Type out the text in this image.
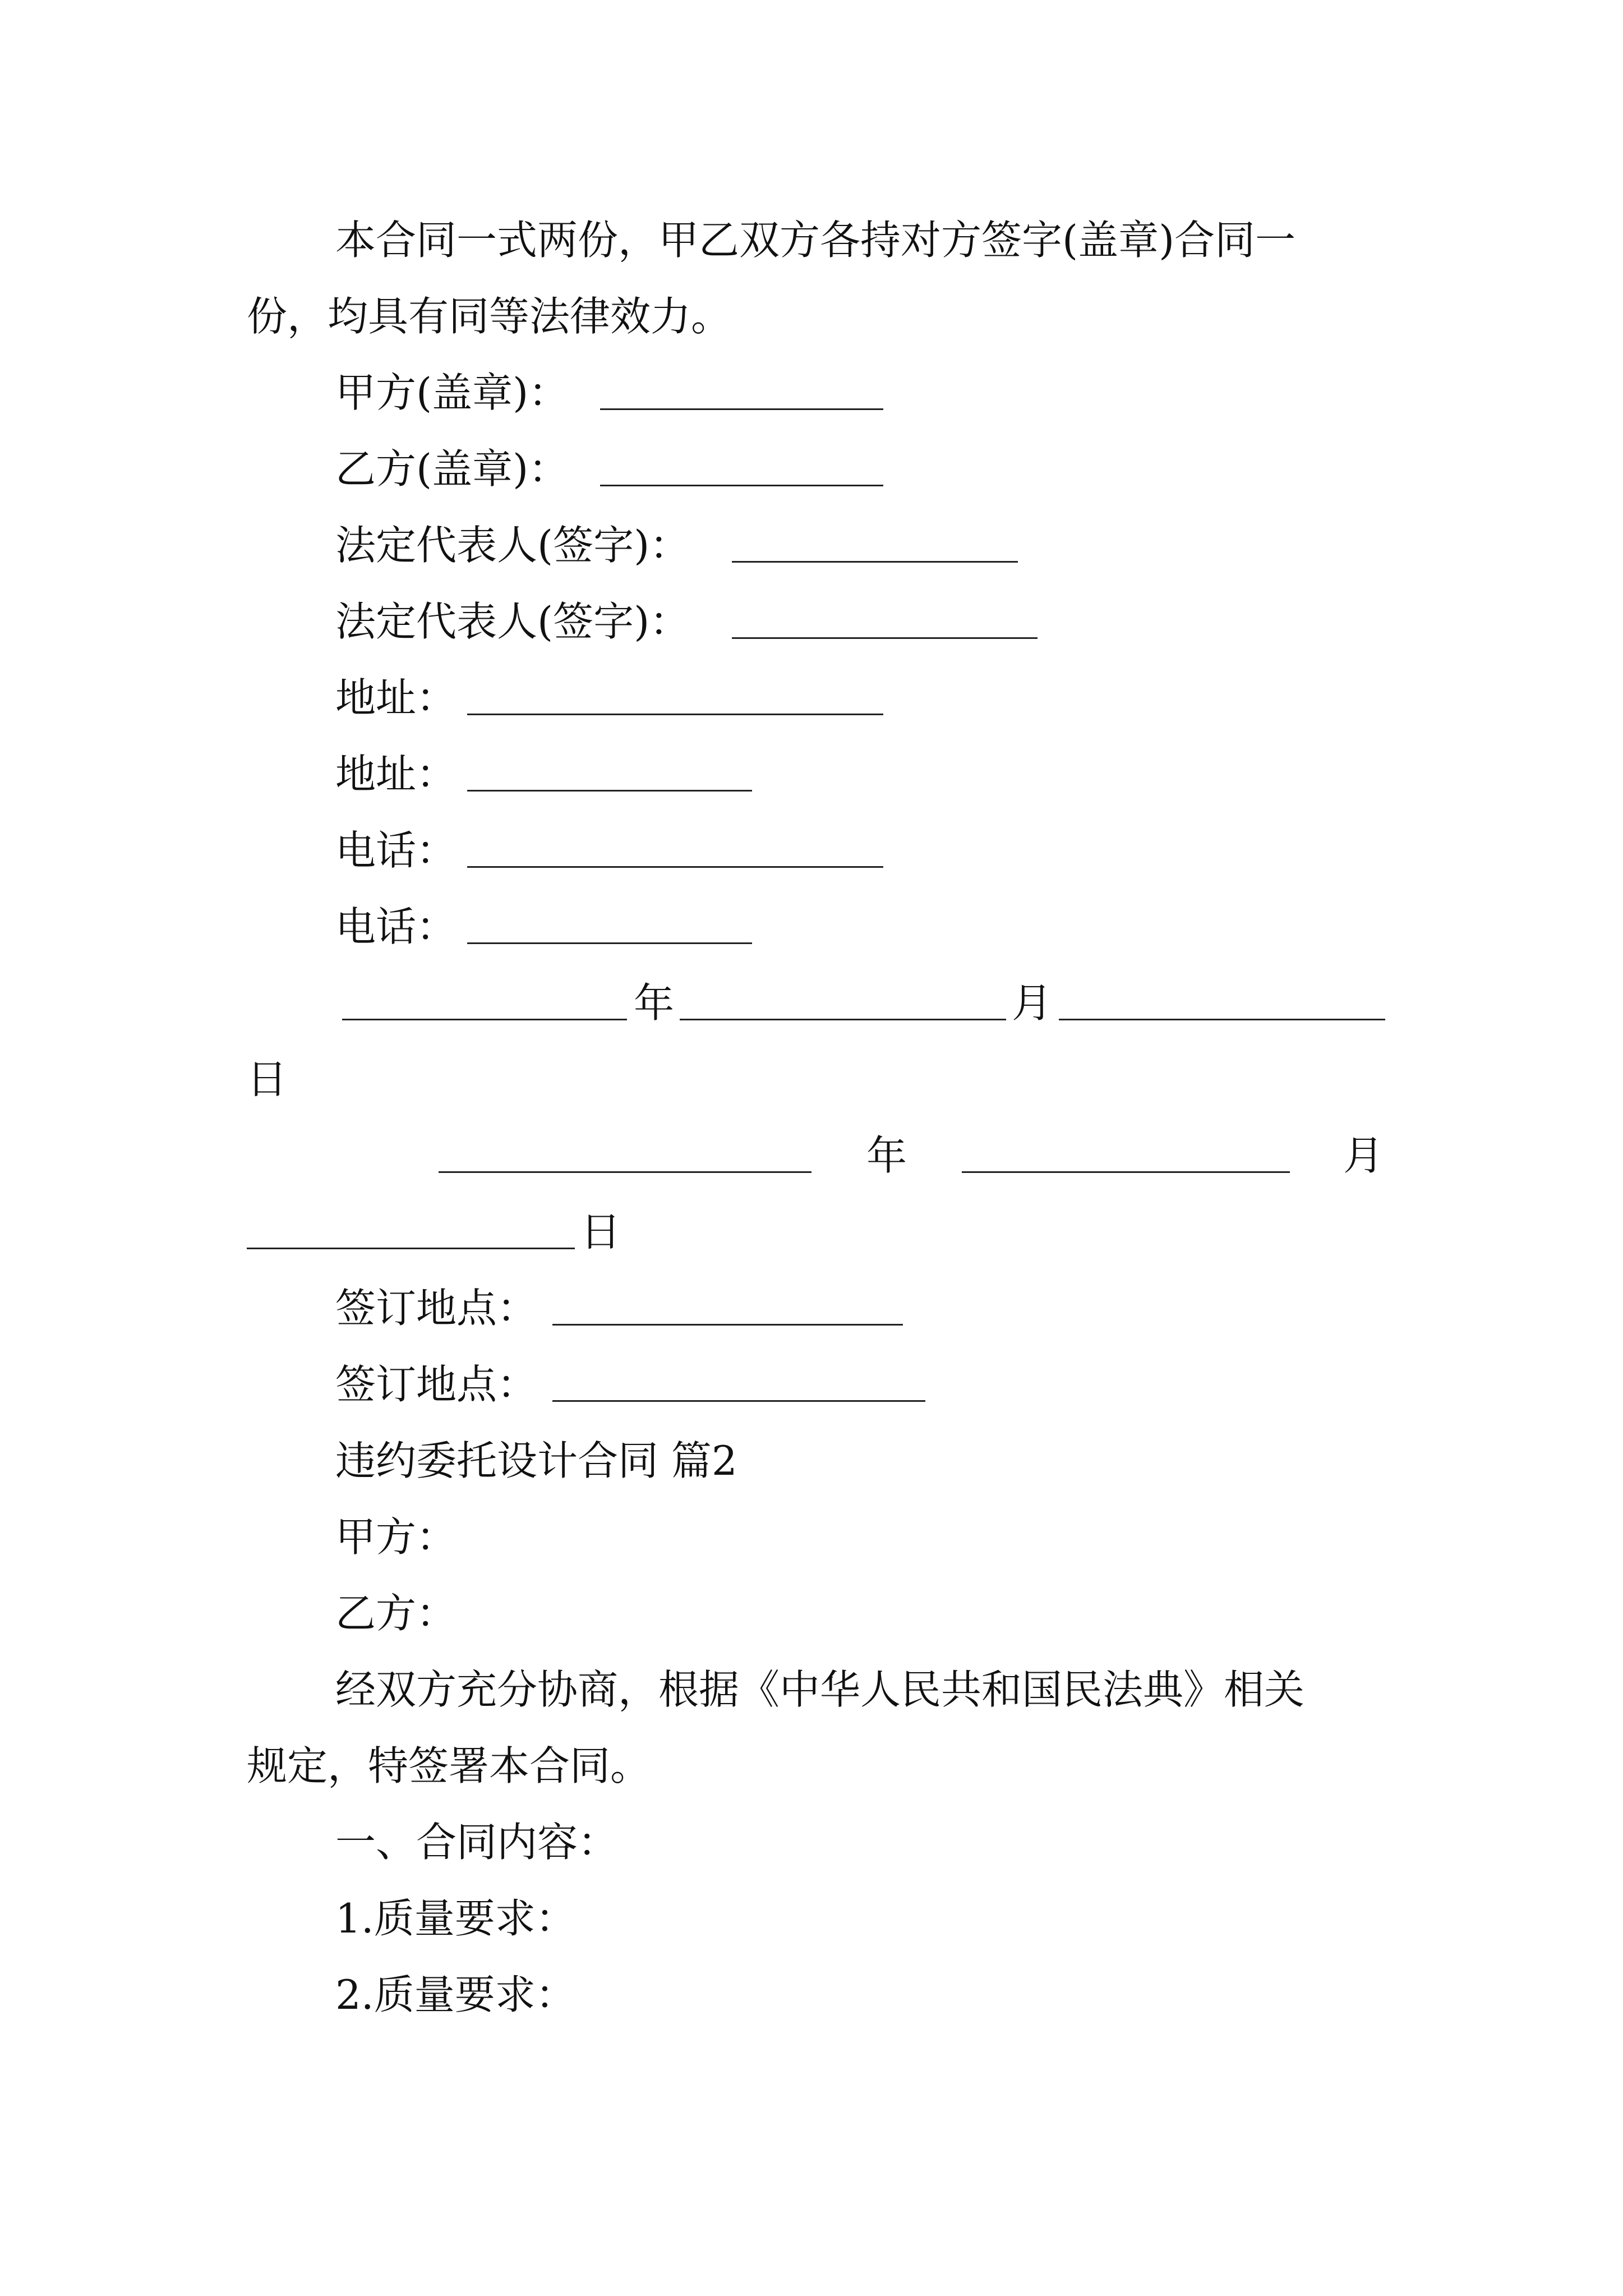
本合同一式两份，甲乙双方各持对方签字(盖章)合同一
份，均具有同等法律效力。
甲方(盖章)：
乙方(盖章)：
法定代表人(签字)：
法定代表人(签字)：
地址：
地址：
电话：
电话：
年	月
日
年	月
日
签订地点：
签订地点：
违约委托设计合同 篇2
甲方：
乙方：
经双方充分协商，根据《中华人民共和国民法典》相关
规定，特签署本合同。
一、合同内容：
1.质量要求：
2.质量要求：
